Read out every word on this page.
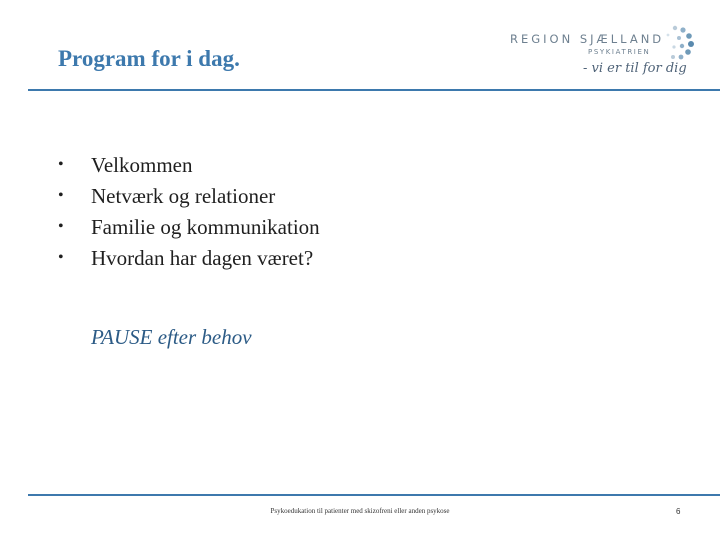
Program for i dag.
REGION SJÆLLAND
PSYKIATRIEN
- vi er til for dig
• Velkommen
• Netværk og relationer
• Familie og kommunikation
• Hvordan har dagen været?
PAUSE efter behov
Psykoedukation til patienter med skizofreni eller anden psykose	6
